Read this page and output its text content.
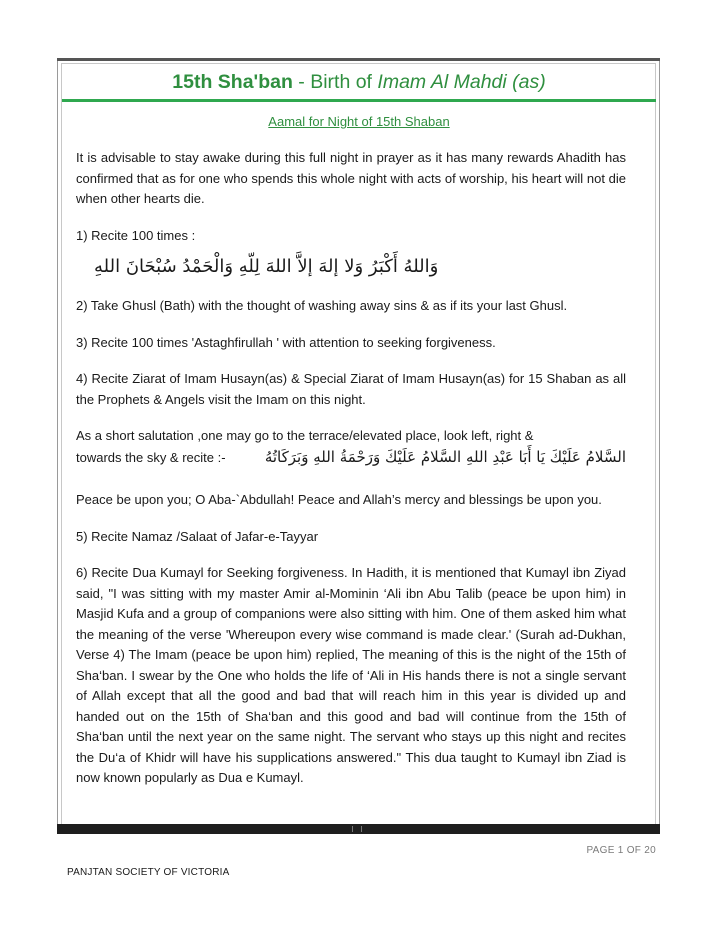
15th Sha'ban - Birth of Imam Al Mahdi (as)
Aamal for Night of 15th Shaban

It is advisable to stay awake during this full night in prayer as it has many rewards Ahadith has confirmed that as for one who spends this whole night with acts of worship, his heart will not die when other hearts die.

1) Recite 100 times :

وَاللهُ أَكْبَرُ وَلا إلهَ إلاَّ اللهَ لِلّهِ وَالْحَمْدُ سُبْحَانَ اللهِ

2) Take Ghusl (Bath) with the thought of washing away sins & as if its your last Ghusl.

3) Recite 100 times 'Astaghfirullah ' with attention to seeking forgiveness.

4) Recite Ziarat of Imam Husayn(as) & Special Ziarat of Imam Husayn(as) for 15 Shaban as all the Prophets & Angels visit the Imam on this night.

As a short salutation ,one may go to the terrace/elevated place, look left, right &

towards the sky & recite :-	السَّلامُ عَلَيْكَ يَا أَبَا عَبْدِ اللهِ السَّلامُ عَلَيْكَ وَرَحْمَةُ اللهِ وَبَرَكَاتُهُ

Peace be upon you; O Aba-`Abdullah! Peace and Allah’s mercy and blessings be upon you.

5) Recite Namaz /Salaat of Jafar-e-Tayyar

6) Recite Dua Kumayl for Seeking forgiveness. In Hadith, it is mentioned that Kumayl ibn Ziyad said, "I was sitting with my master Amir al-Mominin ‘Ali ibn Abu Talib (peace be upon him) in Masjid Kufa and a group of companions were also sitting with him. One of them asked him what the meaning of the verse 'Whereupon every wise command is made clear.' (Surah ad-Dukhan, Verse 4) The Imam (peace be upon him) replied, The meaning of this is the night of the 15th of Sha‘ban. I swear by the One who holds the life of ‘Ali in His hands there is not a single servant of Allah except that all the good and bad that will reach him in this year is divided up and handed out on the 15th of Sha‘ban and this good and bad will continue from the 15th of Sha‘ban until the next year on the same night. The servant who stays up this night and recites the Du‘a of Khidr will have his supplications answered." This dua taught to Kumayl ibn Ziad is now known popularly as Dua e Kumayl.

PAGE 1 OF 20
PANJTAN SOCIETY OF VICTORIA
